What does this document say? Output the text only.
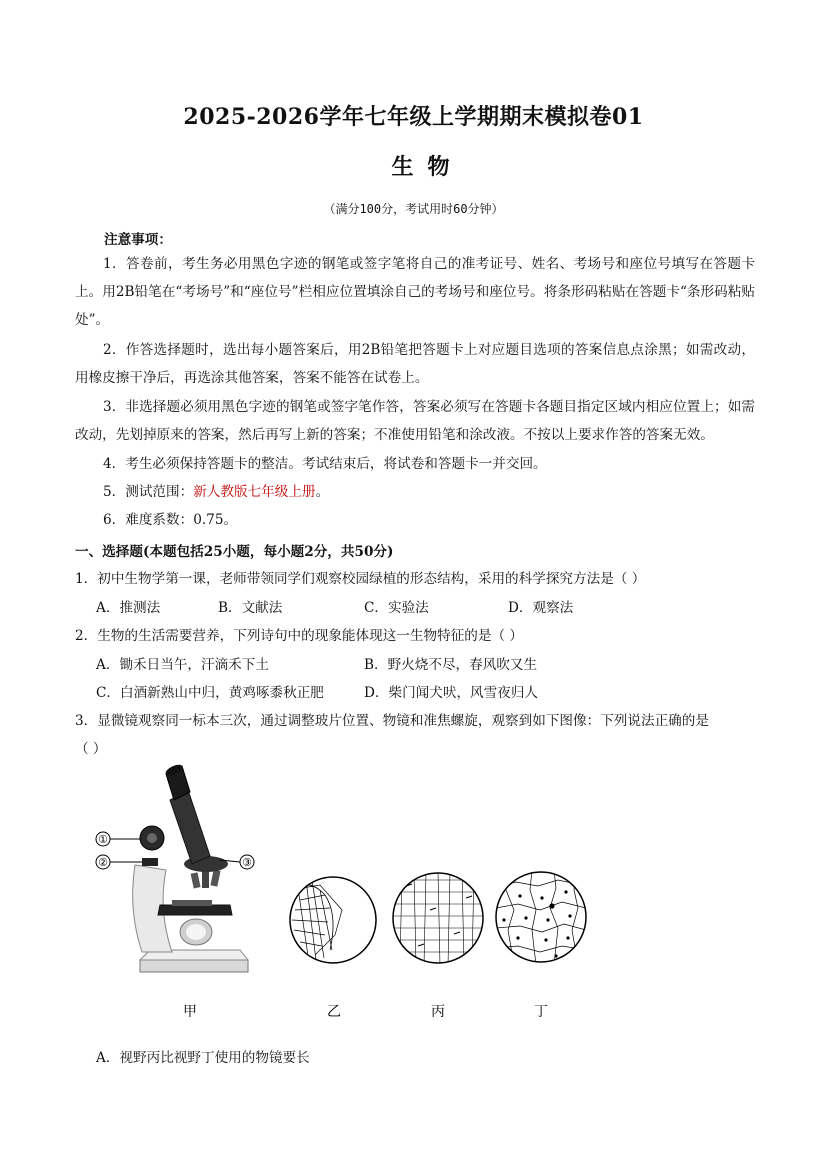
2025-2026学年七年级上学期期末模拟卷01
生物
（满分100分，考试用时60分钟）
注意事项：
1．答卷前，考生务必用黑色字迹的钢笔或签字笔将自己的准考证号、姓名、考场号和座位号填写在答题卡上。用2B铅笔在“考场号”和“座位号”栏相应位置填涂自己的考场号和座位号。将条形码粘贴在答题卡“条形码粘贴处”。
2．作答选择题时，选出每小题答案后，用2B铅笔把答题卡上对应题目选项的答案信息点涂黑；如需改动，用橡皮擦干净后，再选涂其他答案，答案不能答在试卷上。
3．非选择题必须用黑色字迹的钢笔或签字笔作答，答案必须写在答题卡各题目指定区域内相应位置上；如需改动，先划掉原来的答案，然后再写上新的答案；不准使用铅笔和涂改液。不按以上要求作答的答案无效。
4．考生必须保持答题卡的整洁。考试结束后，将试卷和答题卡一并交回。
5．测试范围：新人教版七年级上册。
6．难度系数：0.75。
一、选择题(本题包括25小题，每小题2分，共50分)
1．初中生物学第一课，老师带领同学们观察校园绿植的形态结构，采用的科学探究方法是（ ）
A．推测法	B．文献法	C．实验法	D．观察法
2．生物的生活需要营养，下列诗句中的现象能体现这一生物特征的是（ ）
A．锄禾日当午，汗滴禾下土	B．野火烧不尽，春风吹又生
C．白酒新熟山中归，黄鸡啄黍秋正肥	D．柴门闻犬吠，风雪夜归人
3．显微镜观察同一标本三次，通过调整玻片位置、物镜和准焦螺旋，观察到如下图像：下列说法正确的是
（ ）
①
②	③
甲	乙	丙	丁
A．视野丙比视野丁使用的物镜要长
